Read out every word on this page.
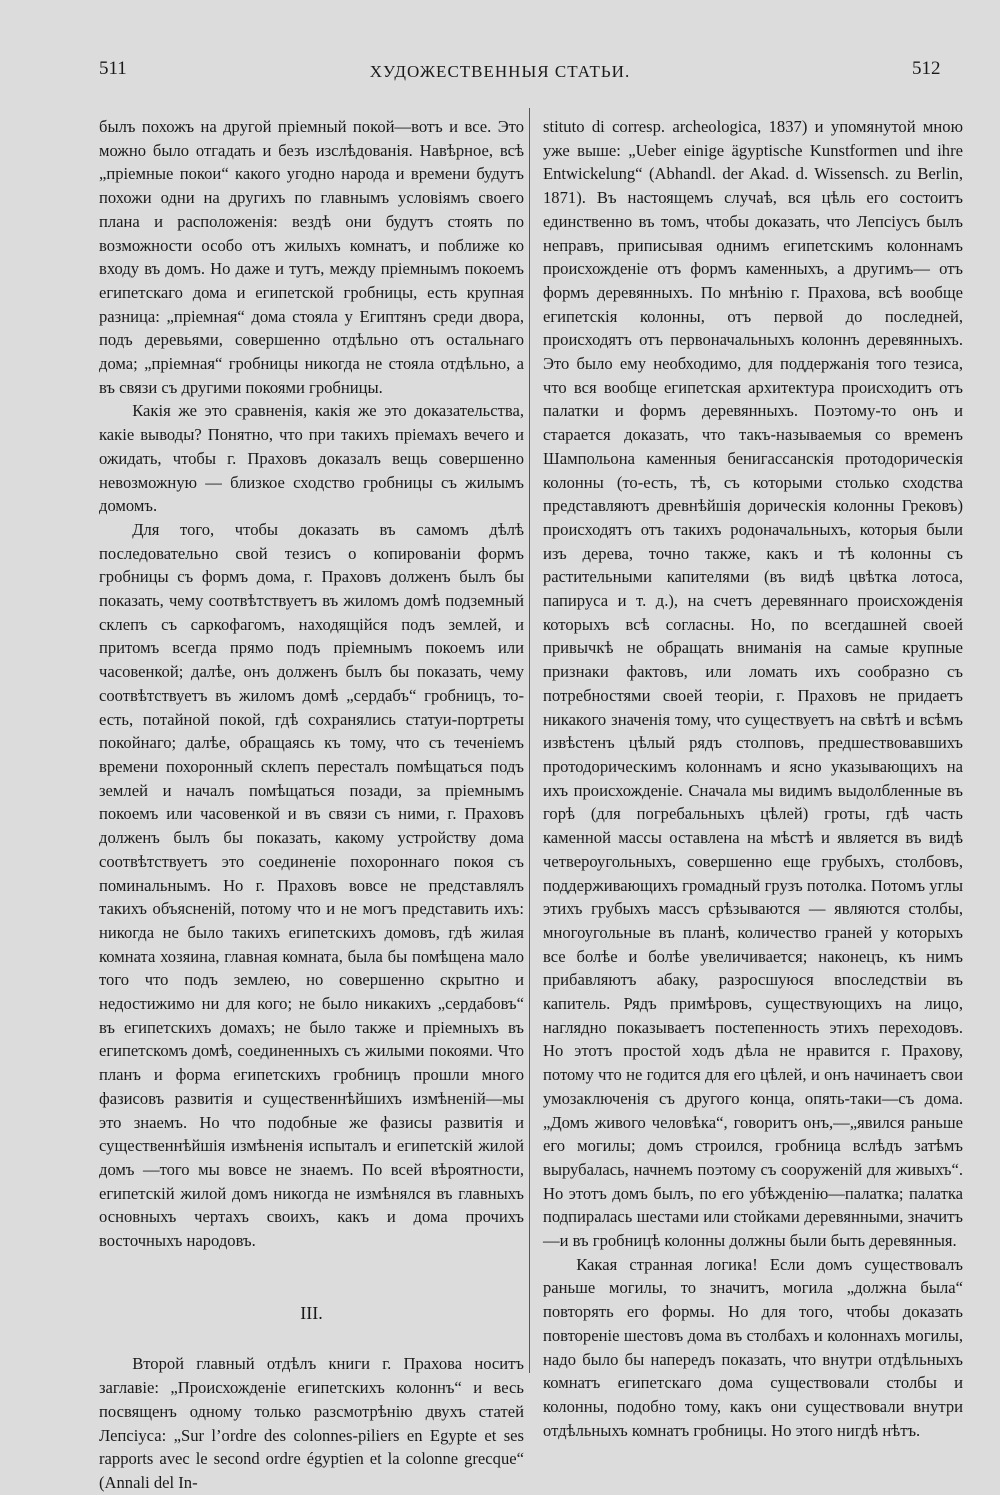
511	ХУДОЖЕСТВЕННЫЯ СТАТЬИ.	512

былъ похожъ на другой пріемный покой—вотъ и все. Это можно было отгадать и безъ изслѣдованія. Навѣрное, всѣ „пріемные покои“ какого угодно народа и времени будутъ похожи одни на другихъ по главнымъ условіямъ своего плана и расположенія: вездѣ они будутъ стоять по возможности особо отъ жилыхъ комнатъ, и поближе ко входу въ домъ. Но даже и тутъ, между пріемнымъ покоемъ египетскаго дома и египетской гробницы, есть крупная разница: „пріемная“ дома стояла у Египтянъ среди двора, подъ деревьями, совершенно отдѣльно отъ остальнаго дома; „пріемная“ гробницы никогда не стояла отдѣльно, а въ связи съ другими покоями гробницы.

Какія же это сравненія, какія же это доказательства, какіе выводы? Понятно, что при такихъ пріемахъ вечего и ожидать, чтобы г. Праховъ доказалъ вещь совершенно невозможную — близкое сходство гробницы съ жилымъ домомъ.

Для того, чтобы доказать въ самомъ дѣлѣ последовательно свой тезисъ о копированіи формъ гробницы съ формъ дома, г. Праховъ долженъ былъ бы показать, чему соотвѣтствуетъ въ жиломъ домѣ подземный склепъ съ саркофагомъ, находящійся подъ землей, и притомъ всегда прямо подъ пріемнымъ покоемъ или часовенкой; далѣе, онъ долженъ былъ бы показать, чему соотвѣтствуетъ въ жиломъ домѣ „сердабъ“ гробницъ, то-есть, потайной покой, гдѣ сохранялись статуи-портреты покойнаго; далѣе, обращаясь къ тому, что съ теченіемъ времени похоронный склепъ пересталъ помѣщаться подъ землей и началъ помѣщаться позади, за пріемнымъ покоемъ или часовенкой и въ связи съ ними, г. Праховъ долженъ былъ бы показать, какому устройству дома соотвѣтствуетъ это соединеніе похороннаго покоя съ поминальнымъ. Но г. Праховъ вовсе не представлялъ такихъ объясненій, потому что и не могъ представить ихъ: никогда не было такихъ египетскихъ домовъ, гдѣ жилая комната хозяина, главная комната, была бы помѣщена мало того что подъ землею, но совершенно скрытно и недостижимо ни для кого; не было никакихъ „сердабовъ“ въ египетскихъ домахъ; не было также и пріемныхъ въ египетскомъ домѣ, соединенныхъ съ жилыми покоями. Что планъ и форма египетскихъ гробницъ прошли много фазисовъ развитія и существеннѣйшихъ измѣненій—мы это знаемъ. Но что подобные же фазисы развитія и существеннѣйшія измѣненія испыталъ и египетскій жилой домъ —того мы вовсе не знаемъ. По всей вѣроятности, египетскій жилой домъ никогда не измѣнялся въ главныхъ основныхъ чертахъ своихъ, какъ и дома прочихъ восточныхъ народовъ.

III.

Второй главный отдѣлъ книги г. Прахова носитъ заглавіе: „Происхожденіе египетскихъ колоннъ“ и весь посвященъ одному только разсмотрѣнію двухъ статей Лепсіуса: „Sur l’ordre des colonnes-piliers en Egypte et ses rapports avec le second ordre égyptien et la colonne grecque“ (Annali del In-

stituto di corresp. archeologica, 1837) и упомянутой мною уже выше: „Ueber einige ägyptische Kunstformen und ihre Entwickelung“ (Abhandl. der Akad. d. Wissensch. zu Berlin, 1871). Въ настоящемъ случаѣ, вся цѣль его состоитъ единственно въ томъ, чтобы доказать, что Лепсіусъ былъ неправъ, приписывая однимъ египетскимъ колоннамъ происхожденіе отъ формъ каменныхъ, а другимъ— отъ формъ деревянныхъ. По мнѣнію г. Прахова, всѣ вообще египетскія колонны, отъ первой до последней, происходятъ отъ первоначальныхъ колоннъ деревянныхъ. Это было ему необходимо, для поддержанія того тезиса, что вся вообще египетская архитектура происходитъ отъ палатки и формъ деревянныхъ. Поэтому-то онъ и старается доказать, что такъ-называемыя со временъ Шампольона каменныя бенигассанскія протодорическія колонны (то-есть, тѣ, съ которыми столько сходства представляютъ древнѣйшія дорическія колонны Грековъ) происходятъ отъ такихъ родоначальныхъ, которыя были изъ дерева, точно также, какъ и тѣ колонны съ растительными капителями (въ видѣ цвѣтка лотоса, папируса и т. д.), на счетъ деревяннаго происхожденія которыхъ всѣ согласны. Но, по всегдашней своей привычкѣ не обращать вниманія на самые крупные признаки фактовъ, или ломать ихъ сообразно съ потребностями своей теоріи, г. Праховъ не придаетъ никакого значенія тому, что существуетъ на свѣтѣ и всѣмъ извѣстенъ цѣлый рядъ столповъ, предшествовавшихъ протодорическимъ колоннамъ и ясно указывающихъ на ихъ происхожденіе. Сначала мы видимъ выдолбленные въ горѣ (для погребальныхъ цѣлей) гроты, гдѣ часть каменной массы оставлена на мѣстѣ и является въ видѣ четвероугольныхъ, совершенно еще грубыхъ, столбовъ, поддерживающихъ громадный грузъ потолка. Потомъ углы этихъ грубыхъ массъ срѣзываются — являются столбы, многоугольные въ планѣ, количество граней у которыхъ все болѣе и болѣе увеличивается; наконецъ, къ нимъ прибавляютъ абаку, разросшуюся впоследствіи въ капитель. Рядъ примѣровъ, существующихъ на лицо, наглядно показываетъ постепенность этихъ переходовъ. Но этотъ простой ходъ дѣла не нравится г. Прахову, потому что не годится для его цѣлей, и онъ начинаетъ свои умозаключенія съ другого конца, опять-таки—съ дома. „Домъ живого человѣка“, говоритъ онъ,—„явился раньше его могилы; домъ строился, гробница вслѣдъ затѣмъ вырубалась, начнемъ поэтому съ сооруженій для живыхъ“. Но этотъ домъ былъ, по его убѣжденію—палатка; палатка подпиралась шестами или стойками деревянными, значитъ—и въ гробницѣ колонны должны были быть деревянныя.

Какая странная логика! Если домъ существовалъ раньше могилы, то значитъ, могила „должна была“ повторять его формы. Но для того, чтобы доказать повтореніе шестовъ дома въ столбахъ и колоннахъ могилы, надо было бы напередъ показать, что внутри отдѣльныхъ комнатъ египетскаго дома существовали столбы и колонны, подобно тому, какъ они существовали внутри отдѣльныхъ комнатъ гробницы. Но этого нигдѣ нѣтъ.
